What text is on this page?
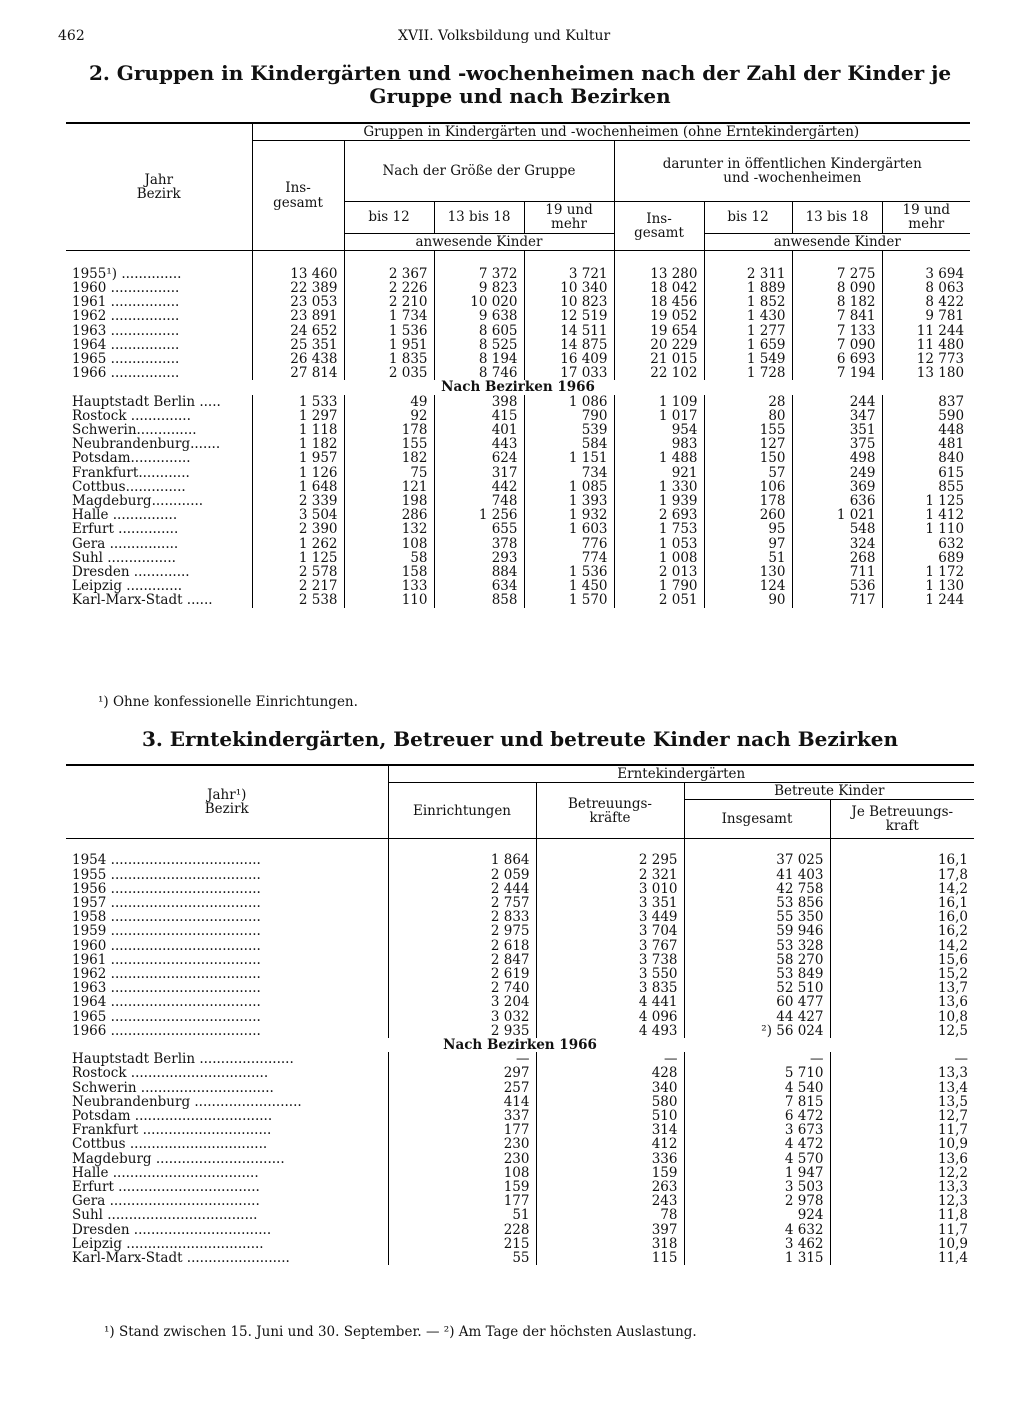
462	XVII. Volksbildung und Kultur
2. Gruppen in Kindergärten und -wochenheimen nach der Zahl der Kinder je Gruppe und nach Bezirken
Jahr
Bezirk	Gruppen in Kindergärten und -wochenheimen (ohne Erntekindergärten)							
	Ins-
gesamt	Nach der Größe der Gruppe			darunter in öffentlichen Kindergärten
und -wochenheimen			
		bis 12	13 bis 18	19 und mehr	Ins-
gesamt	bis 12	13 bis 18	19 und mehr
		anwesende Kinder				anwesende Kinder		
1955¹) ..............	13 460	2 367	7 372	3 721	13 280	2 311	7 275	3 694
1960 ................	22 389	2 226	9 823	10 340	18 042	1 889	8 090	8 063
1961 ................	23 053	2 210	10 020	10 823	18 456	1 852	8 182	8 422
1962 ................	23 891	1 734	9 638	12 519	19 052	1 430	7 841	9 781
1963 ................	24 652	1 536	8 605	14 511	19 654	1 277	7 133	11 244
1964 ................	25 351	1 951	8 525	14 875	20 229	1 659	7 090	11 480
1965 ................	26 438	1 835	8 194	16 409	21 015	1 549	6 693	12 773
1966 ................	27 814	2 035	8 746	17 033	22 102	1 728	7 194	13 180
Nach Bezirken 1966								
Hauptstadt Berlin .....	1 533	49	398	1 086	1 109	28	244	837
Rostock ..............	1 297	92	415	790	1 017	80	347	590
Schwerin..............	1 118	178	401	539	954	155	351	448
Neubrandenburg.......	1 182	155	443	584	983	127	375	481
Potsdam..............	1 957	182	624	1 151	1 488	150	498	840
Frankfurt............	1 126	75	317	734	921	57	249	615
Cottbus..............	1 648	121	442	1 085	1 330	106	369	855
Magdeburg............	2 339	198	748	1 393	1 939	178	636	1 125
Halle ...............	3 504	286	1 256	1 932	2 693	260	1 021	1 412
Erfurt ..............	2 390	132	655	1 603	1 753	95	548	1 110
Gera ................	1 262	108	378	776	1 053	97	324	632
Suhl ................	1 125	58	293	774	1 008	51	268	689
Dresden .............	2 578	158	884	1 536	2 013	130	711	1 172
Leipzig .............	2 217	133	634	1 450	1 790	124	536	1 130
Karl-Marx-Stadt ......	2 538	110	858	1 570	2 051	90	717	1 244
¹) Ohne konfessionelle Einrichtungen.
3. Erntekindergärten, Betreuer und betreute Kinder nach Bezirken
Jahr¹)
Bezirk	Erntekindergärten			
	Einrichtungen	Betreuungs-
kräfte	Betreute Kinder	
			Insgesamt	Je Betreuungs-
kraft
1954 ...................................	1 864	2 295	37 025	16,1
1955 ...................................	2 059	2 321	41 403	17,8
1956 ...................................	2 444	3 010	42 758	14,2
1957 ...................................	2 757	3 351	53 856	16,1
1958 ...................................	2 833	3 449	55 350	16,0
1959 ...................................	2 975	3 704	59 946	16,2
1960 ...................................	2 618	3 767	53 328	14,2
1961 ...................................	2 847	3 738	58 270	15,6
1962 ...................................	2 619	3 550	53 849	15,2
1963 ...................................	2 740	3 835	52 510	13,7
1964 ...................................	3 204	4 441	60 477	13,6
1965 ...................................	3 032	4 096	44 427	10,8
1966 ...................................	2 935	4 493	²) 56 024	12,5
Nach Bezirken 1966				
Hauptstadt Berlin ......................	—	—	—	—
Rostock ................................	297	428	5 710	13,3
Schwerin ...............................	257	340	4 540	13,4
Neubrandenburg .........................	414	580	7 815	13,5
Potsdam ................................	337	510	6 472	12,7
Frankfurt ..............................	177	314	3 673	11,7
Cottbus ................................	230	412	4 472	10,9
Magdeburg ..............................	230	336	4 570	13,6
Halle ..................................	108	159	1 947	12,2
Erfurt .................................	159	263	3 503	13,3
Gera ...................................	177	243	2 978	12,3
Suhl ...................................	51	78	924	11,8
Dresden ................................	228	397	4 632	11,7
Leipzig ................................	215	318	3 462	10,9
Karl-Marx-Stadt ........................	55	115	1 315	11,4
¹) Stand zwischen 15. Juni und 30. September. — ²) Am Tage der höchsten Auslastung.
